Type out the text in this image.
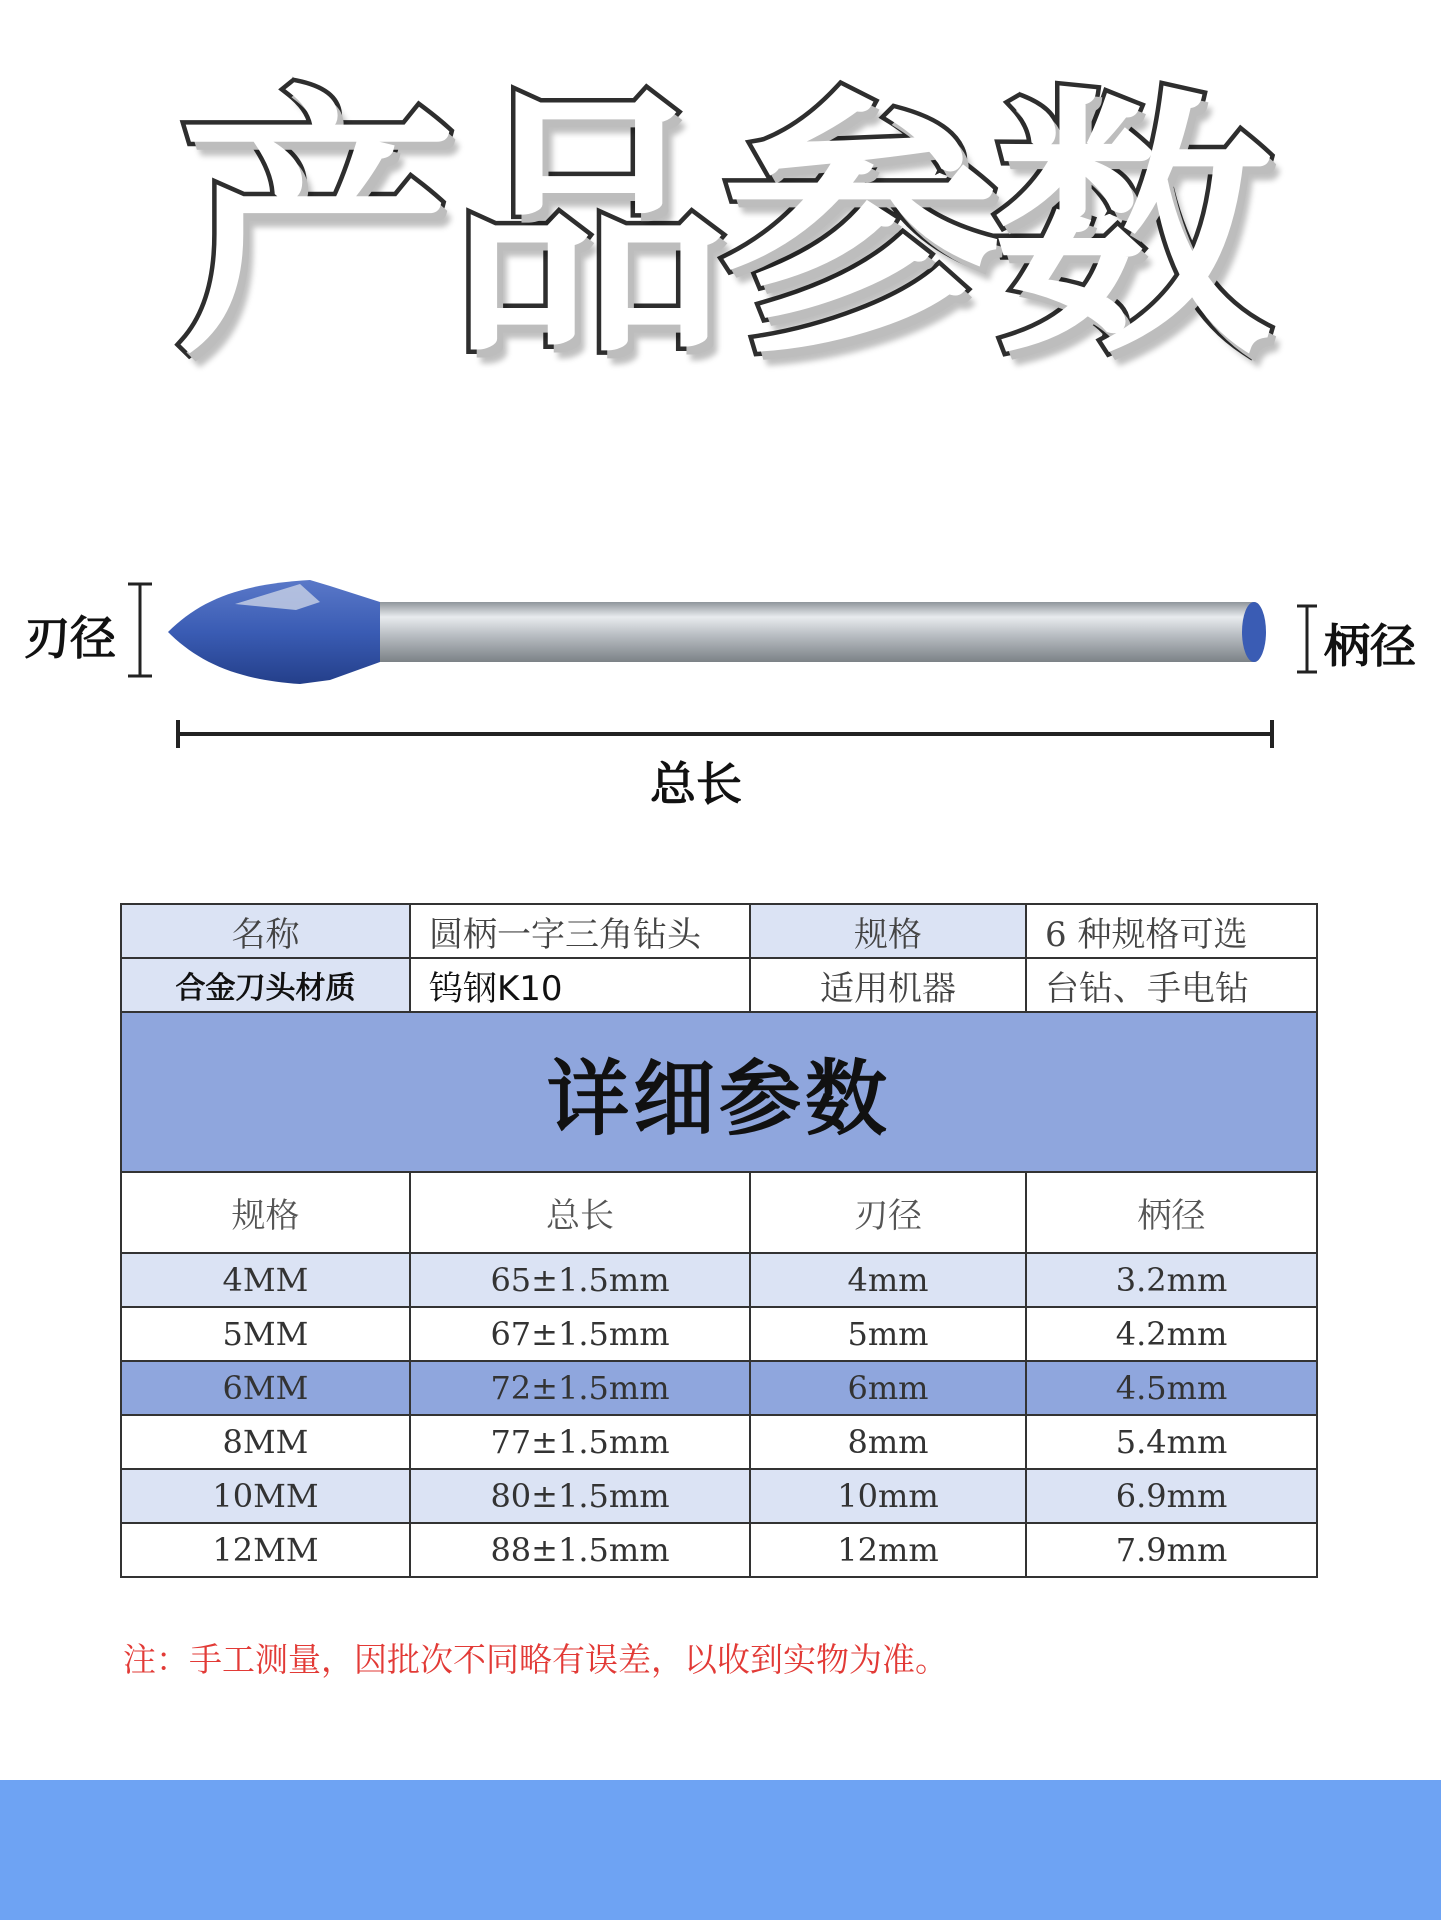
产品参数
刃径	柄径
总长
名称	圆柄一字三角钻头	规格	6 种规格可选
合金刀头材质	钨钢K10	适用机器	台钻、手电钻
详细参数			
规格	总长	刃径	柄径
4MM	65±1.5mm	4mm	3.2mm
5MM	67±1.5mm	5mm	4.2mm
6MM	72±1.5mm	6mm	4.5mm
8MM	77±1.5mm	8mm	5.4mm
10MM	80±1.5mm	10mm	6.9mm
12MM	88±1.5mm	12mm	7.9mm
注：手工测量，因批次不同略有误差，以收到实物为准。
